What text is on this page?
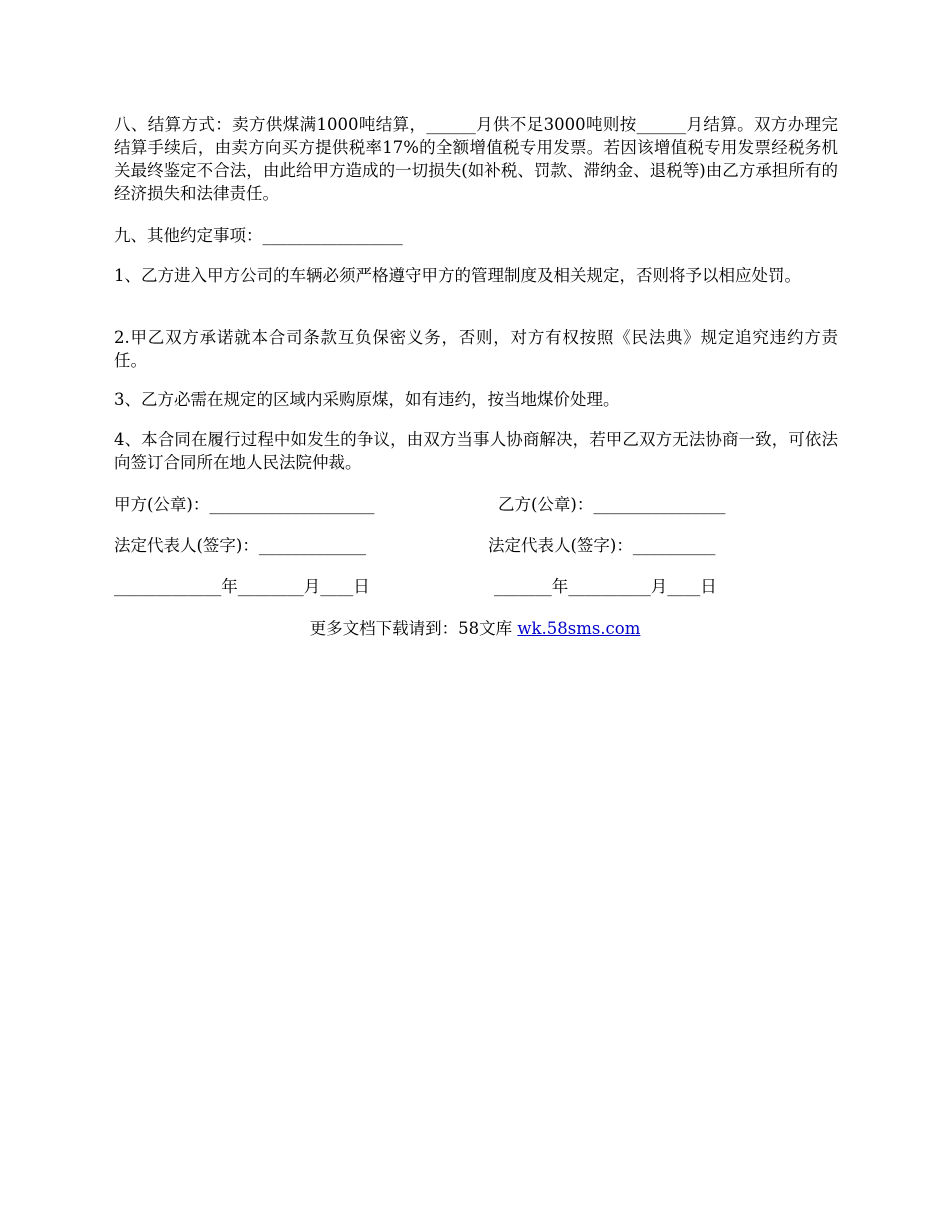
八、结算方式：卖方供煤满1000吨结算，______月供不足3000吨则按______月结算。双方办理完结算手续后，由卖方向买方提供税率17%的全额增值税专用发票。若因该增值税专用发票经税务机关最终鉴定不合法，由此给甲方造成的一切损失(如补税、罚款、滞纳金、退税等)由乙方承担所有的经济损失和法律责任。

九、其他约定事项：_________________

1、乙方进入甲方公司的车辆必须严格遵守甲方的管理制度及相关规定，否则将予以相应处罚。

2.甲乙双方承诺就本合司条款互负保密义务，否则，对方有权按照《民法典》规定追究违约方责任。

3、乙方必需在规定的区域内采购原煤，如有违约，按当地煤价处理。

4、本合同在履行过程中如发生的争议，由双方当事人协商解决，若甲乙双方无法协商一致，可依法向签订合同所在地人民法院仲裁。

甲方(公章)：____________________	乙方(公章)：________________

法定代表人(签字)：_____________	法定代表人(签字)：__________

_____________年________月____日	_______年__________月____日

更多文档下载请到：58文库 wk.58sms.com
